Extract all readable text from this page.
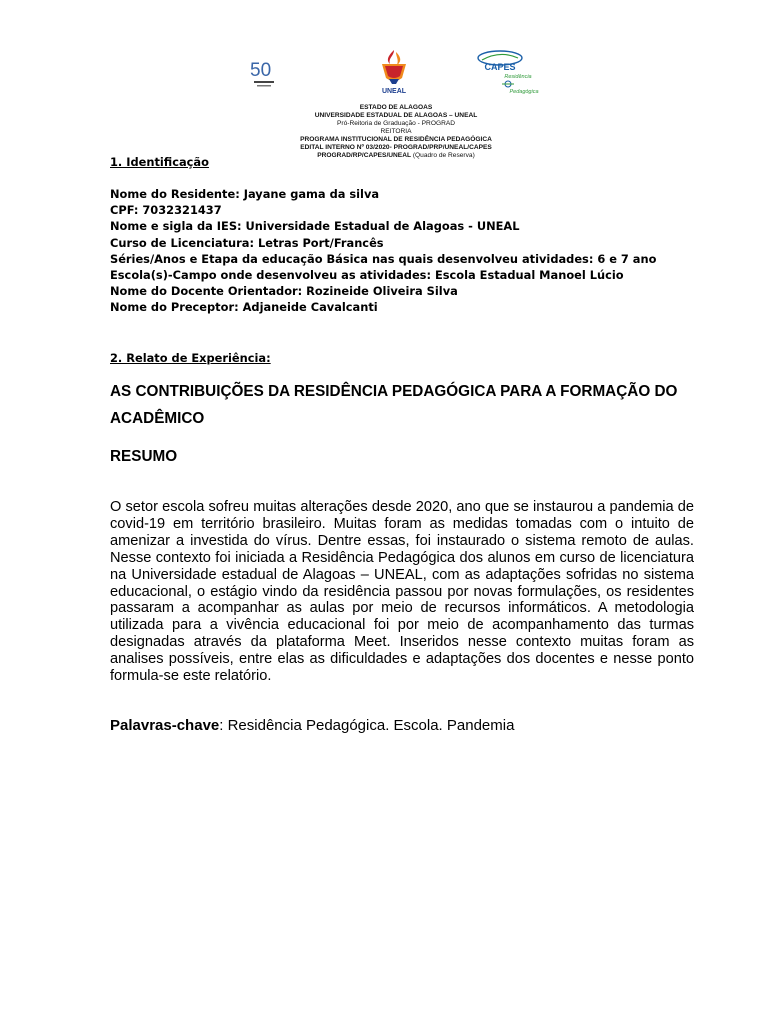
50
UNEAL
CAPES
Residência
Pedagógica
ESTADO DE ALAGOAS
UNIVERSIDADE ESTADUAL DE ALAGOAS – UNEAL
Pró-Reitoria de Graduação - PROGRAD
REITORIA
PROGRAMA INSTITUCIONAL DE RESIDÊNCIA PEDAGÓGICA
EDITAL INTERNO Nº 03/2020- PROGRAD/PRP/UNEAL/CAPES
PROGRAD/RP/CAPES/UNEAL (Quadro de Reserva)
1. Identificação
Nome do Residente: Jayane gama da silva
CPF: 7032321437
Nome e sigla da IES: Universidade Estadual de Alagoas - UNEAL
Curso de Licenciatura: Letras Port/Francês
Séries/Anos e Etapa da educação Básica nas quais desenvolveu atividades: 6 e 7 ano
Escola(s)-Campo onde desenvolveu as atividades: Escola Estadual Manoel Lúcio
Nome do Docente Orientador: Rozineide Oliveira Silva
Nome do Preceptor: Adjaneide Cavalcanti
2. Relato de Experiência:
AS CONTRIBUIÇÕES DA RESIDÊNCIA PEDAGÓGICA PARA A FORMAÇÃO DO ACADÊMICO
RESUMO

O setor escola sofreu muitas alterações desde 2020, ano que se instaurou a pandemia de covid-19 em território brasileiro. Muitas foram as medidas tomadas com o intuito de amenizar a investida do vírus. Dentre essas, foi instaurado o sistema remoto de aulas. Nesse contexto foi iniciada a Residência Pedagógica dos alunos em curso de licenciatura na Universidade estadual de Alagoas – UNEAL, com as adaptações sofridas no sistema educacional, o estágio vindo da residência passou por novas formulações, os residentes passaram a acompanhar as aulas por meio de recursos informáticos. A metodologia utilizada para a vivência educacional foi por meio de acompanhamento das turmas designadas através da plataforma Meet. Inseridos nesse contexto muitas foram as analises possíveis, entre elas as dificuldades e adaptações dos docentes e nesse ponto formula-se este relatório.

Palavras-chave: Residência Pedagógica. Escola. Pandemia
